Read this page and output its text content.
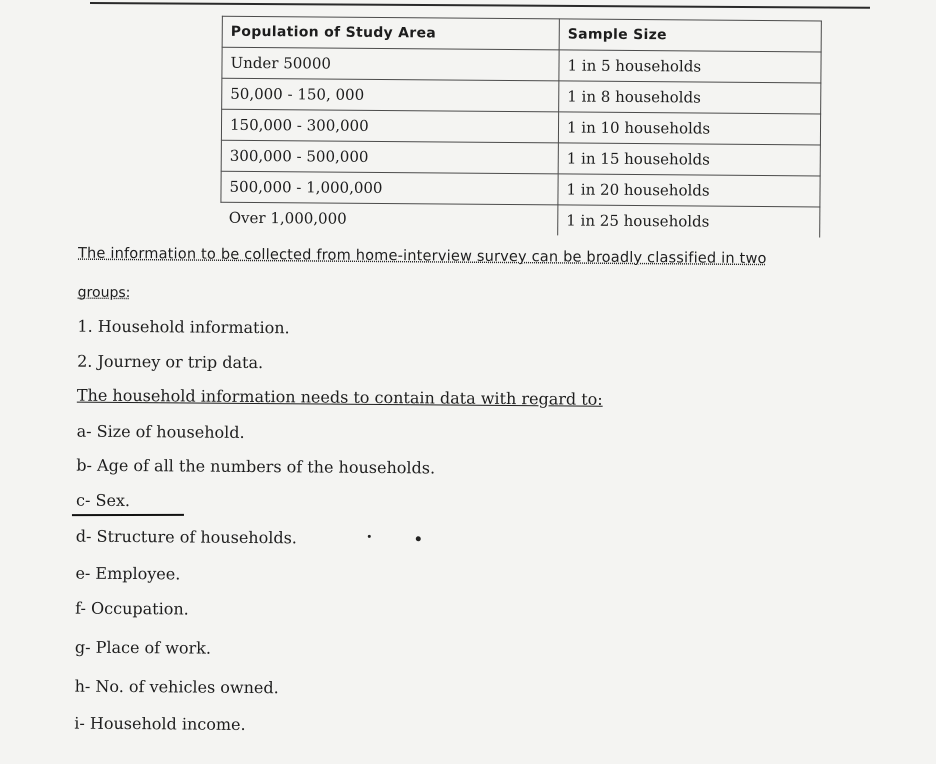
Population of Study Area	Sample Size
Under 50000	1 in 5 households
50,000 - 150, 000	1 in 8 households
150,000 - 300,000	1 in 10 households
300,000 - 500,000	1 in 15 households
500,000 - 1,000,000	1 in 20 households
Over 1,000,000	1 in 25 households
The information to be collected from home-interview survey can be broadly classified in two
groups:
1. Household information.
2. Journey or trip data.
The household information needs to contain data with regard to:
a- Size of household.
b- Age of all the numbers of the households.
c- Sex.
d- Structure of households.
e- Employee.
f- Occupation.
g- Place of work.
h- No. of vehicles owned.
i- Household income.
